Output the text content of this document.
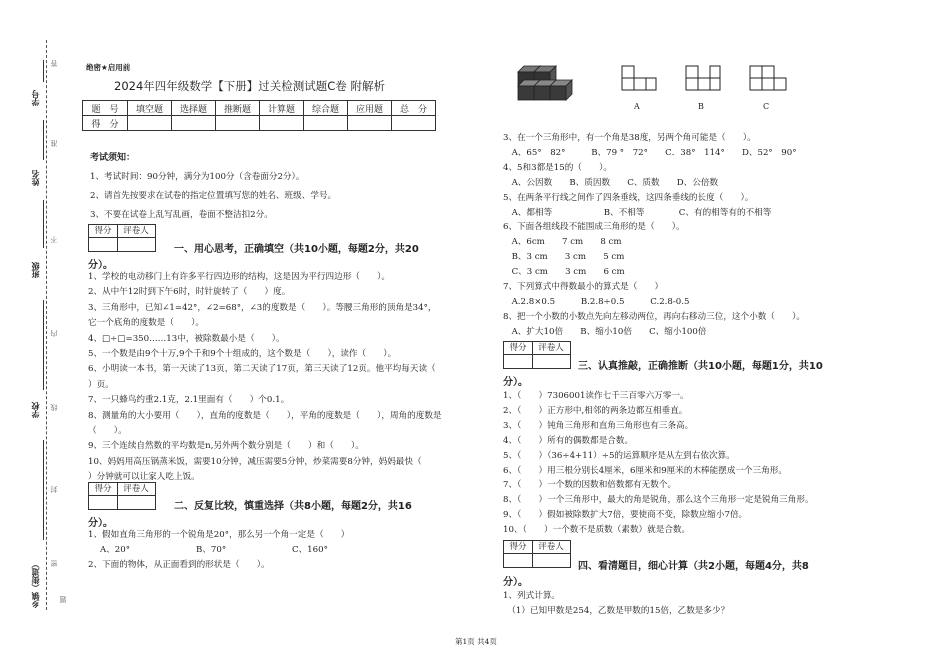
学号
姓名
班级
学校
乡镇（街道）
答
准
不
内
线
封
密
题
绝密★启用前
2024年四年级数学【下册】过关检测试题C卷 附解析
题　号	填空题	选择题	推断题	计算题	综合题	应用题	总　分
得　分							
考试须知：
1、考试时间：90分钟，满分为100分（含卷面分2分）。
2、请首先按要求在试卷的指定位置填写您的姓名、班级、学号。
3、不要在试卷上乱写乱画，卷面不整洁扣2分。
得分	评卷人
一、用心思考，正确填空（共10小题，每题2分，共20
分）。
1、学校的电动移门上有许多平行四边形的结构，这是因为平行四边形（　　）。
2、从中午12时到下午6时，时针旋转了（　　）度。
3、三角形中，已知∠1=42°，∠2=68°，∠3的度数是（　　）。等腰三角形的顶角是34°，
它一个底角的度数是（　　）。
4、□÷□=350……13中，被除数最小是（　　）。
5、一个数是由9个十万,9个千和9个十组成的，这个数是（　　），读作（　　）。
6、小明读一本书，第一天读了13页，第二天读了17页，第三天读了12页。他平均每天读（
）页。
7、一只蜂鸟约重2.1克，2.1里面有（　　）个0.1。
8、测量角的大小要用（　　），直角的度数是（　　），平角的度数是（　　），周角的度数是
（　　）。
9、三个连续自然数的平均数是n,另外两个数分别是（　　）和（　　）。
10、妈妈用高压锅蒸米饭，需要10分钟，减压需要5分钟，炒菜需要8分钟，妈妈最快（
）分钟就可以让家人吃上饭。
得分	评卷人
二、反复比较，慎重选择（共8小题，每题2分，共16
分）。
1、假如直角三角形的一个锐角是20°，那么另一个角一定是（　　）
A、20°	B、70°	C、160°
2、下面的物体，从正面看到的形状是（　　）。
A	B	C
3、在一个三角形中，有一个角是38度，另两个角可能是（　　）。
　A、65°　82°　　　B、79 °　72°　　C．38°　114°　　D、52°　90°
4、5和3都是15的（　　）。
　A、公因数　　B、质因数　　C、质数　　D、公倍数
5、在两条平行线之间作了四条垂线，这四条垂线的长度（　　）。
　A、都相等　　　　　　B、不相等　　　　C、有的相等有的不相等
6、下面各组线段不能围成三角形的是（　　）。
　A、6cm　　7 cm　　8 cm
　B、3 cm　　3 cm　　5 cm
　C、3 cm　　3 cm　　6 cm
7、下列算式中得数最小的算式是（　　）
　A.2.8×0.5　　　B.2.8÷0.5　　　C.2.8-0.5
8、把一个小数的小数点先向左移动两位，再向右移动三位，这个小数（　　）。
　A、扩大10倍　　B、缩小10倍　　C、缩小100倍
得分	评卷人
三、认真推敲，正确推断（共10小题，每题1分，共10
分）。
1、（　　）7306001读作七千三百零六万零一。
2、（　　）正方形中,相邻的两条边都互相垂直。
3、（　　）钝角三角形和直角三角形也有三条高。
4、（　　）所有的偶数都是合数。
5、（　　）（36÷4+11）÷5的运算顺序是从左到右依次算。
6、（　　）用三根分别长4厘米，6厘米和9厘米的木棒能摆成一个三角形。
7、（　　）一个数的因数和倍数都有无数个。
8、（　　）一个三角形中，最大的角是锐角，那么这个三角形一定是锐角三角形。
9、（　　）假如被除数扩大7倍，要使商不变，除数应缩小7倍。
10、（　　）一个数不是质数（素数）就是合数。
得分	评卷人
四、看清题目，细心计算（共2小题，每题4分，共8
分）。
1、列式计算。
　（1）已知甲数是254，乙数是甲数的15倍，乙数是多少？
第1页 共4页
